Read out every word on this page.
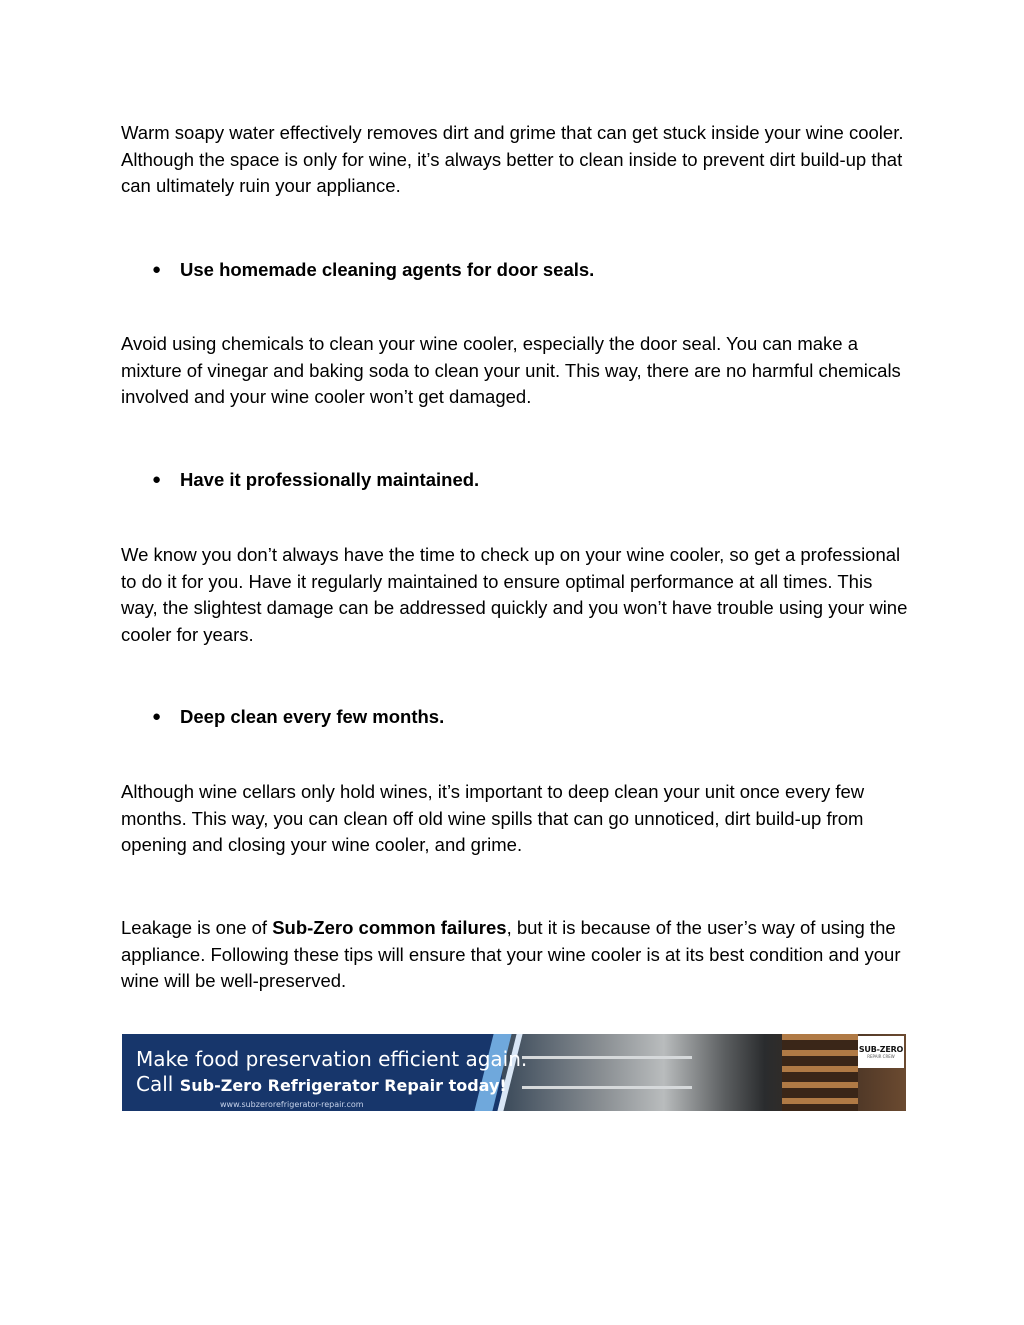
Warm soapy water effectively removes dirt and grime that can get stuck inside your wine cooler. Although the space is only for wine, it’s always better to clean inside to prevent dirt build-up that can ultimately ruin your appliance.

●	Use homemade cleaning agents for door seals.

Avoid using chemicals to clean your wine cooler, especially the door seal. You can make a mixture of vinegar and baking soda to clean your unit. This way, there are no harmful chemicals involved and your wine cooler won’t get damaged.

●	Have it professionally maintained.

We know you don’t always have the time to check up on your wine cooler, so get a professional to do it for you. Have it regularly maintained to ensure optimal performance at all times. This way, the slightest damage can be addressed quickly and you won’t have trouble using your wine cooler for years.

●	Deep clean every few months.

Although wine cellars only hold wines, it’s important to deep clean your unit once every few months. This way, you can clean off old wine spills that can go unnoticed, dirt build-up from opening and closing your wine cooler, and grime.

Leakage is one of Sub-Zero common failures, but it is because of the user’s way of using the appliance. Following these tips will ensure that your wine cooler is at its best condition and your wine will be well-preserved.

Make food preservation efficient again.
Call Sub-Zero Refrigerator Repair today!
www.subzerorefrigerator-repair.com
SUB-ZERO
REPAIR CREW
